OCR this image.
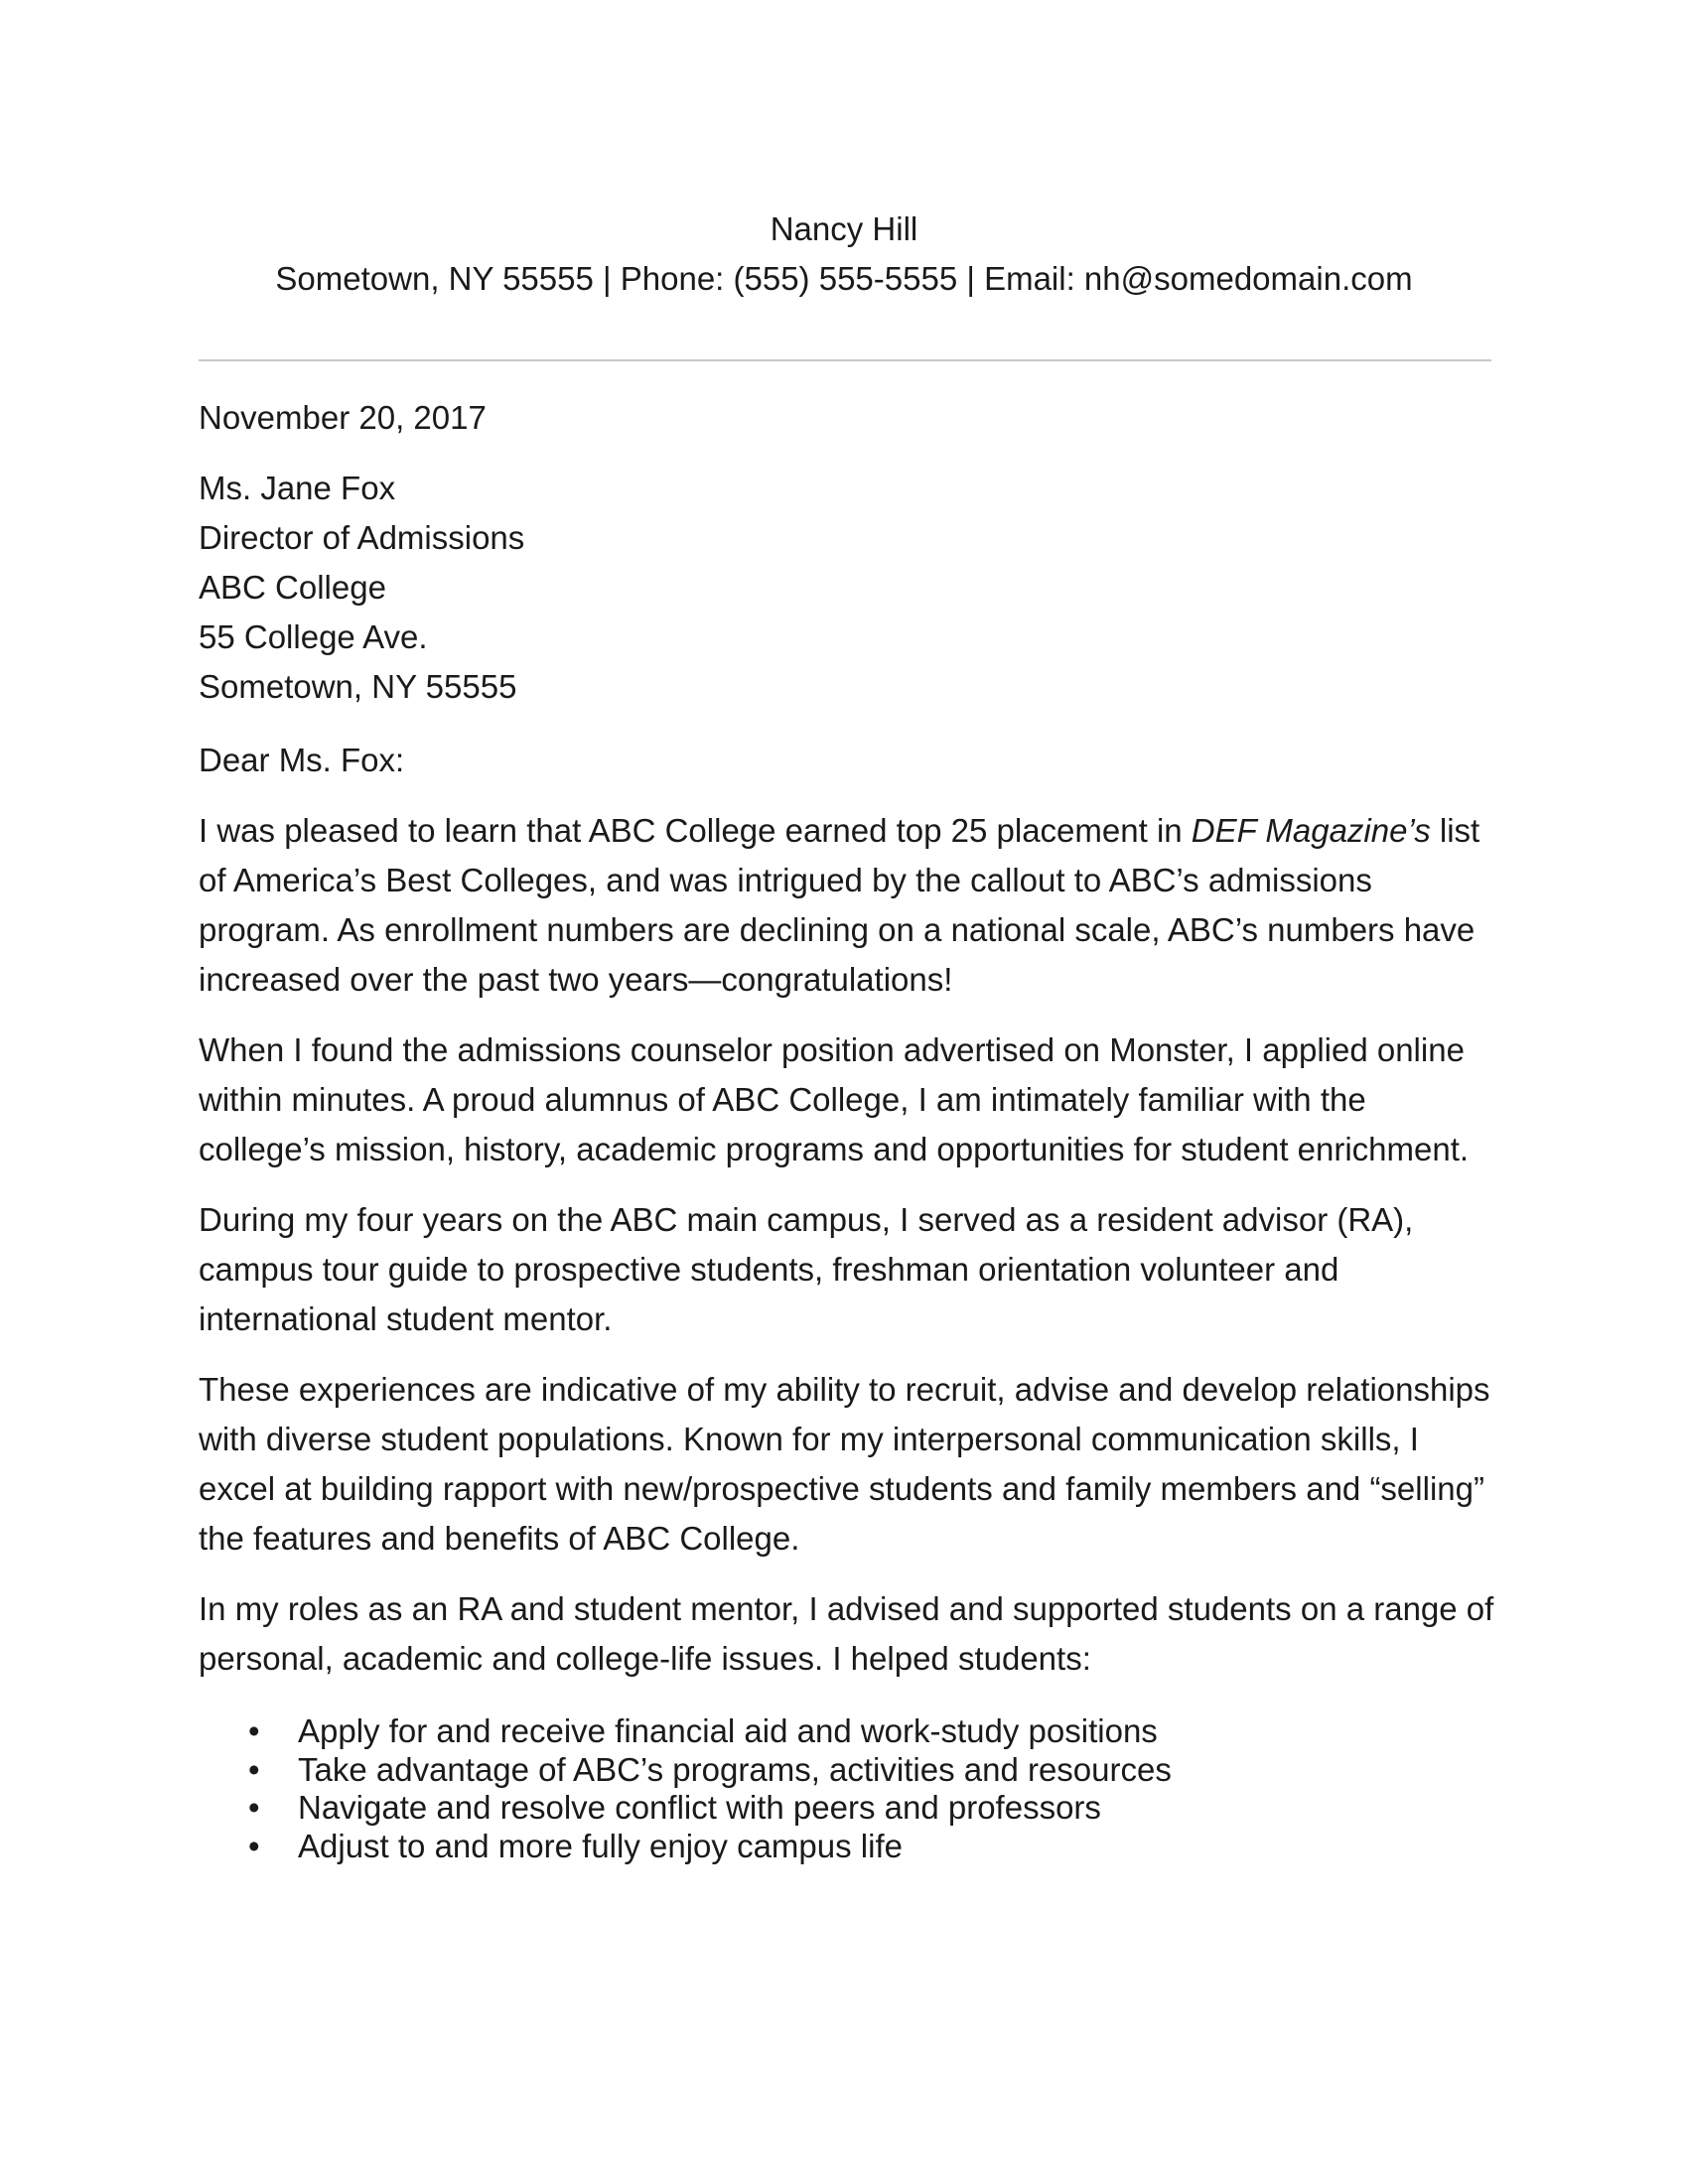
Nancy Hill
Sometown, NY 55555 | Phone: (555) 555-5555 | Email: nh@somedomain.com

November 20, 2017

Ms. Jane Fox

Director of Admissions

ABC College

55 College Ave.

Sometown, NY 55555

Dear Ms. Fox:

I was pleased to learn that ABC College earned top 25 placement in DEF Magazine’s list of America’s Best Colleges, and was intrigued by the callout to ABC’s admissions program. As enrollment numbers are declining on a national scale, ABC’s numbers have increased over the past two years—congratulations!

When I found the admissions counselor position advertised on Monster, I applied online within minutes. A proud alumnus of ABC College, I am intimately familiar with the college’s mission, history, academic programs and opportunities for student enrichment.

During my four years on the ABC main campus, I served as a resident advisor (RA), campus tour guide to prospective students, freshman orientation volunteer and international student mentor.

These experiences are indicative of my ability to recruit, advise and develop relationships with diverse student populations. Known for my interpersonal communication skills, I excel at building rapport with new/prospective students and family members and “selling” the features and benefits of ABC College.

In my roles as an RA and student mentor, I advised and supported students on a range of personal, academic and college-life issues. I helped students:

• Apply for and receive financial aid and work-study positions
• Take advantage of ABC’s programs, activities and resources
• Navigate and resolve conflict with peers and professors
• Adjust to and more fully enjoy campus life
